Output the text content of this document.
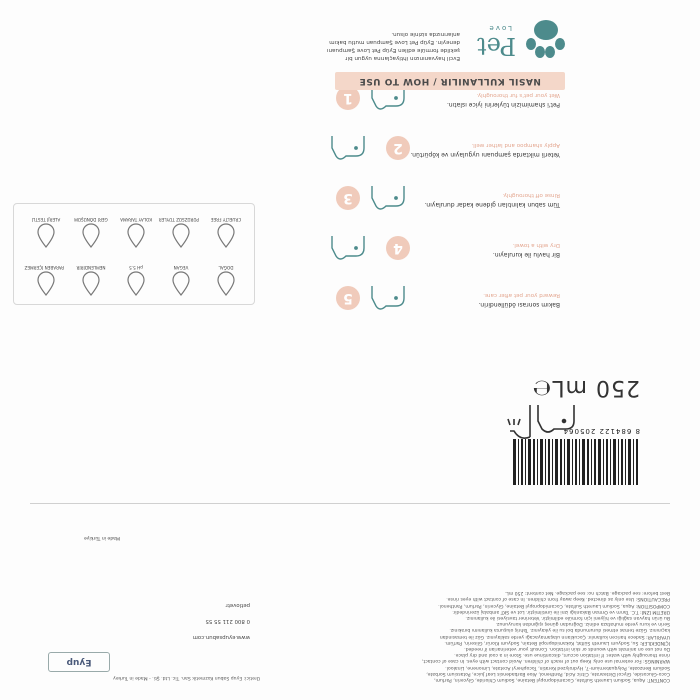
CONTENT: Aqua, Sodium Laureth Sulfate, Cocamidopropyl Betaine, Sodium Chloride, Glycerin, Parfum,
Coco-Glucoside, Glycol Distearate, Citric Acid, Panthenol, Aloe Barbadensis Leaf Juice, Potassium Sorbate,
Sodium Benzoate, Polyquaternium-7, Hydrolyzed Keratin, Tocopheryl Acetate, Limonene, Linalool.
WARNINGS: For external use only. Keep out of reach of children. Avoid contact with eyes. In case of contact,
rinse thoroughly with water. If irritation occurs, discontinue use. Store in a cool and dry place.
Do not use on animals with wounds or skin irritation. Consult your veterinarian if needed.
İÇİNDEKİLER: Su, Sodyum Laureth Sülfat, Kokamidopropil Betain, Sodyum Klorür, Gliserin, Parfüm.
UYARILAR: Sadece haricen kullanılır. Çocukların ulaşamayacağı yerde saklayınız. Göz ile temasından
kaçınınız. Göze temas etmesi durumunda bol su ile yıkayınız. Tahriş oluşursa kullanımı bırakınız.
Serin ve kuru yerde muhafaza ediniz. Doğrudan güneş ışığından koruyunuz.
Bu ürün hayvan sağlığı ve hijyeni için formüle edilmiştir. Veteriner tavsiyesi ile kullanınız.
ÜRETİM İZNİ: T.C. Tarım ve Orman Bakanlığı izni ile üretilmiştir. Lot ve SKT ambalaj üzerindedir.
COMPOSITION: Aqua, Sodium Laureth Sulfate, Cocamidopropyl Betaine, Glycerin, Parfum, Panthenol.
PRECAUTIONS: Use only as directed. Keep away from children. In case of contact with eyes rinse.
Best before: see package. Batch no: see package. Net content: 250 mL.
Üretici: Eyup Sabun Kozmetik San. Tic. Ltd. Şti. - Made in Turkey
Eyup
www.eyupsabun.com
0 800 211 55 55
petlovetr
Made in Türkiye
250 mL℮
8 684122 205064
DOĞAL
VEGAN
pH 5.5
NEMLENDİRİR
PARABEN İÇERMEZ
CRUELTY FREE
PÜRÜZSÜZ TÜYLER
KOLAY TARAMA
GERİ DÖNÜŞÜM
ALERJİ TESTLİ
1	Pet'i shamimizin tüylerini iyice ıslatın.
Wet your pet's fur thoroughly.
2	Yeterli miktarda şampuanı uygulayın ve köpürtün.
Apply shampoo and lather well.
3	Tüm sabun kalıntıları gidene kadar durulayın.
Rinse off thoroughly.
4	Bir havlu ile kurulayın.
Dry with a towel.
5	Bakım sonrası ödüllendirin.
Reward your pet after care.
NASIL KULLANILIR / HOW TO USE
Pet
Love
Evcil hayvanınızın ihtiyaçlarına uygun bir
şekilde formüle edilen Eyüp Pet Love Şampuanı
deneyin. Eyüp Pet Love Şampuan mutlu bakım
anlarınızda sizinle olsun.
